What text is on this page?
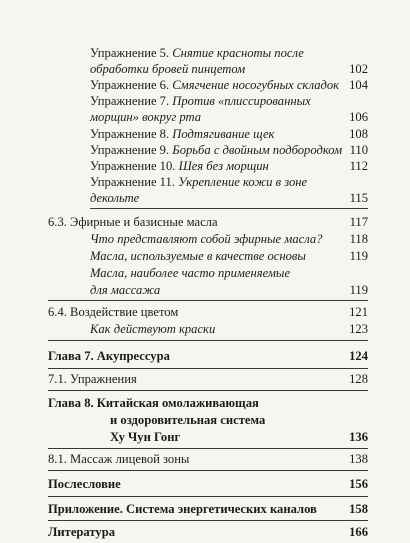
Упражнение 5. Снятие красноты после
обработки бровей пинцетом	102
Упражнение 6. Смягчение носогубных складок 104
Упражнение 7. Против «плиссированных
морщин» вокруг рта	106
Упражнение 8. Подтягивание щек	108
Упражнение 9. Борьба с двойным подбородком 110
Упражнение 10. Шея без морщин	112
Упражнение 11. Укрепление кожи в зоне
декольте	115
6.3. Эфирные и базисные масла	117
Что представляют собой эфирные масла? 118
Масла, используемые в качестве основы	119
Масла, наиболее часто применяемые
для массажа	119
6.4. Воздействие цветом	121
Как действуют краски	123
Глава 7. Акупрессура	124
7.1. Упражнения	128
Глава 8. Китайская омолаживающая
и оздоровительная система
Ху Чун Гонг	136
8.1. Массаж лицевой зоны	138
Послесловие	156
Приложение. Система энергетических каналов	158
Литература	166
